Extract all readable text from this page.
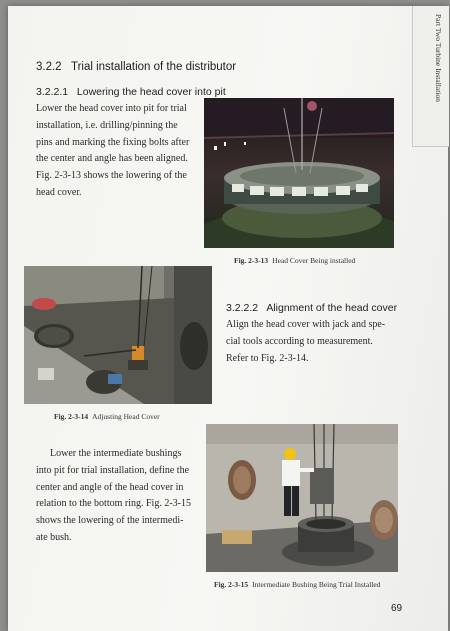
Part Two Turbine Installation
3.2.2 Trial installation of the distributor
3.2.2.1 Lowering the head cover into pit
Lower the head cover into pit for trial
installation, i.e. drilling/pinning the
pins and marking the fixing bolts after
the center and angle has been aligned.
Fig. 2-3-13 shows the lowering of the
head cover.
Fig. 2-3-13 Head Cover Being installed
Fig. 2-3-14 Adjusting Head Cover
3.2.2.2 Alignment of the head cover
Align the head cover with jack and spe-
cial tools according to measurement.
Refer to Fig. 2-3-14.
Lower the intermediate bushings
into pit for trial installation, define the
center and angle of the head cover in
relation to the bottom ring. Fig. 2-3-15
shows the lowering of the intermedi-
ate bush.
Fig. 2-3-15 Intermediate Bushing Being Trial Installed
69
